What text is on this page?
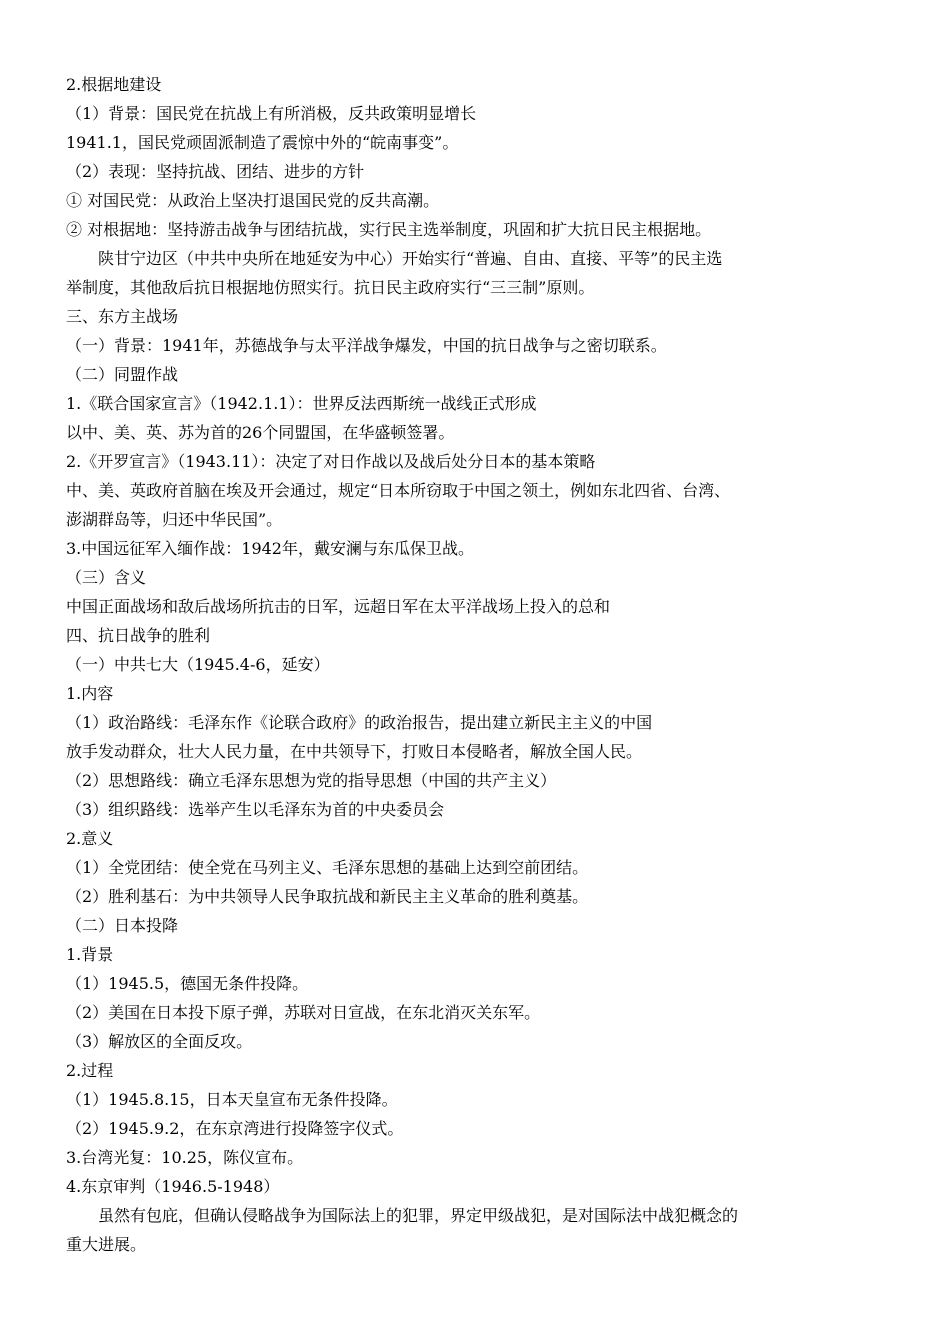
2.根据地建设
（1）背景：国民党在抗战上有所消极，反共政策明显增长
1941.1，国民党顽固派制造了震惊中外的“皖南事变”。
（2）表现：坚持抗战、团结、进步的方针
① 对国民党：从政治上坚决打退国民党的反共高潮。
② 对根据地：坚持游击战争与团结抗战，实行民主选举制度，巩固和扩大抗日民主根据地。
陕甘宁边区（中共中央所在地延安为中心）开始实行“普遍、自由、直接、平等”的民主选
举制度，其他敌后抗日根据地仿照实行。抗日民主政府实行“三三制”原则。
三、东方主战场
（一）背景：1941年，苏德战争与太平洋战争爆发，中国的抗日战争与之密切联系。
（二）同盟作战
1.《联合国家宣言》（1942.1.1）：世界反法西斯统一战线正式形成
以中、美、英、苏为首的26个同盟国，在华盛顿签署。
2.《开罗宣言》（1943.11）：决定了对日作战以及战后处分日本的基本策略
中、美、英政府首脑在埃及开会通过，规定“日本所窃取于中国之领土，例如东北四省、台湾、
澎湖群岛等，归还中华民国”。
3.中国远征军入缅作战：1942年，戴安澜与东瓜保卫战。
（三）含义
中国正面战场和敌后战场所抗击的日军，远超日军在太平洋战场上投入的总和
四、抗日战争的胜利
（一）中共七大（1945.4-6，延安）
1.内容
（1）政治路线：毛泽东作《论联合政府》的政治报告，提出建立新民主主义的中国
放手发动群众，壮大人民力量，在中共领导下，打败日本侵略者，解放全国人民。
（2）思想路线：确立毛泽东思想为党的指导思想（中国的共产主义）
（3）组织路线：选举产生以毛泽东为首的中央委员会
2.意义
（1）全党团结：使全党在马列主义、毛泽东思想的基础上达到空前团结。
（2）胜利基石：为中共领导人民争取抗战和新民主主义革命的胜利奠基。
（二）日本投降
1.背景
（1）1945.5，德国无条件投降。
（2）美国在日本投下原子弹，苏联对日宣战，在东北消灭关东军。
（3）解放区的全面反攻。
2.过程
（1）1945.8.15，日本天皇宣布无条件投降。
（2）1945.9.2，在东京湾进行投降签字仪式。
3.台湾光复：10.25，陈仪宣布。
4.东京审判（1946.5-1948）
虽然有包庇，但确认侵略战争为国际法上的犯罪，界定甲级战犯，是对国际法中战犯概念的
重大进展。
